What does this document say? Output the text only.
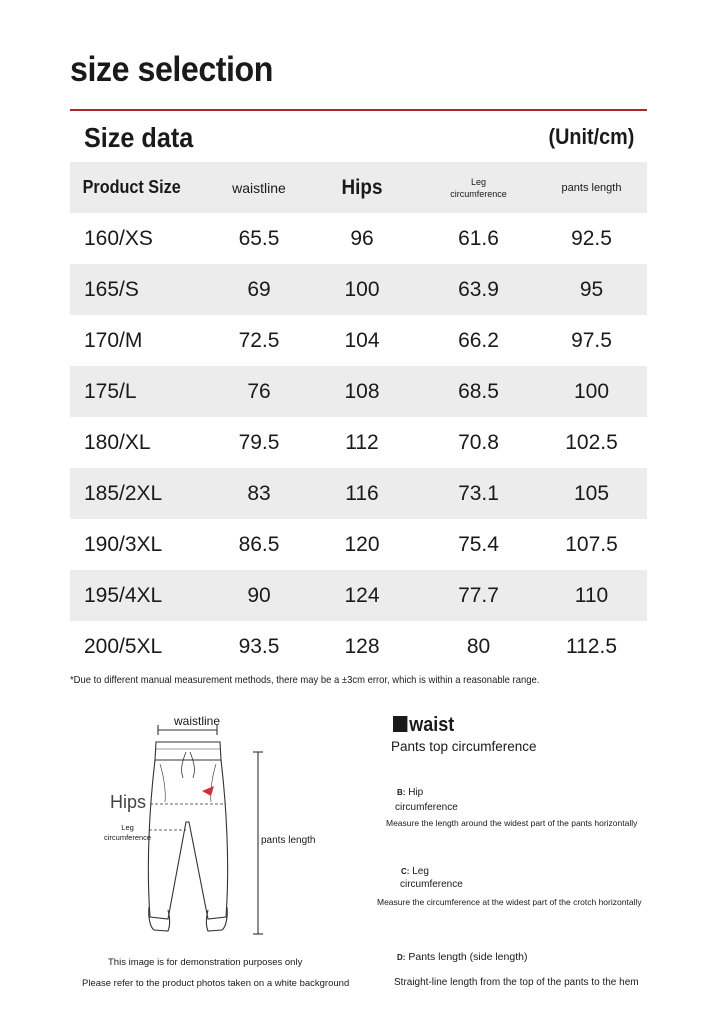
size selection
Size data	(Unit/cm)
Product Size	waistline	Hips	Leg
circumference	pants length
160/XS	65.5	96	61.6	92.5
165/S	69	100	63.9	95
170/M	72.5	104	66.2	97.5
175/L	76	108	68.5	100
180/XL	79.5	112	70.8	102.5
185/2XL	83	116	73.1	105
190/3XL	86.5	120	75.4	107.5
195/4XL	90	124	77.7	110
200/5XL	93.5	128	80	112.5
*Due to different manual measurement methods, there may be a ±3cm error, which is within a reasonable range.
waistline
Hips
Leg
circumference	pants length
This image is for demonstration purposes only
Please refer to the product photos taken on a white background
waist
Pants top circumference
B: Hip
circumference
Measure the length around the widest part of the pants horizontally
C: Leg
circumference
Measure the circumference at the widest part of the crotch horizontally
D: Pants length (side length)
Straight-line length from the top of the pants to the hem
